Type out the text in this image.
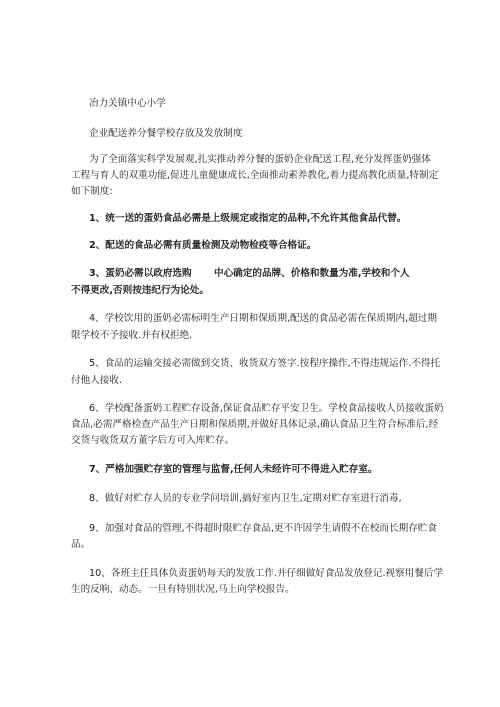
冶力关镇中心小学
企业配送养分餐学校存放及发放制度
为了全面落实科学发展观,扎实推动养分餐的蛋奶企业配送工程,充分发挥蛋奶强体
工程与育人的双重功能,促进儿童健康成长,全面推动素养教化,着力提高教化质量,特制定
如下制度:
1、统一送的蛋奶食品必需是上级规定或指定的品种,不允许其他食品代替。
2、配送的食品必需有质量检测及动物检疫等合格证。
3、蛋奶必需以政府选购 中心确定的品牌、价格和数量为准,学校和个人
不得更改,否则按违纪行为论处。
4、学校饮用的蛋奶必需标明生产日期和保质期,配送的食品必需在保质期内,超过期
限学校不予接收.并有权拒绝.
5、食品的运输交接必需做到交货、收货双方签字.按程序操作,不得违规运作.不得托
付他人接收.
6、学校配备蛋奶工程贮存设备,保证食品贮存平安卫生。学校食品接收人员接收蛋奶
食品,必需严格检查产品生产日期和保质期,并做好具体记录,确认食品卫生符合标准后,经
交货与收货双方董字后方可入库贮存。
7、严格加强贮存室的管理与监督,任何人未经许可不得进入贮存室。
8、做好对贮存人员的专业学问培训,搞好室内卫生,定期对贮存室进行消毒,
9、加强对食品的管理,不得超时限贮存食品,更不许因学生请假不在校而长期存贮食
品。
10、各班主任具体负责蛋奶每天的发放工作.并仔细做好食品发放登记.视察用餐后学
生的反响、动态。一旦有特别状况,马上向学校报告。
